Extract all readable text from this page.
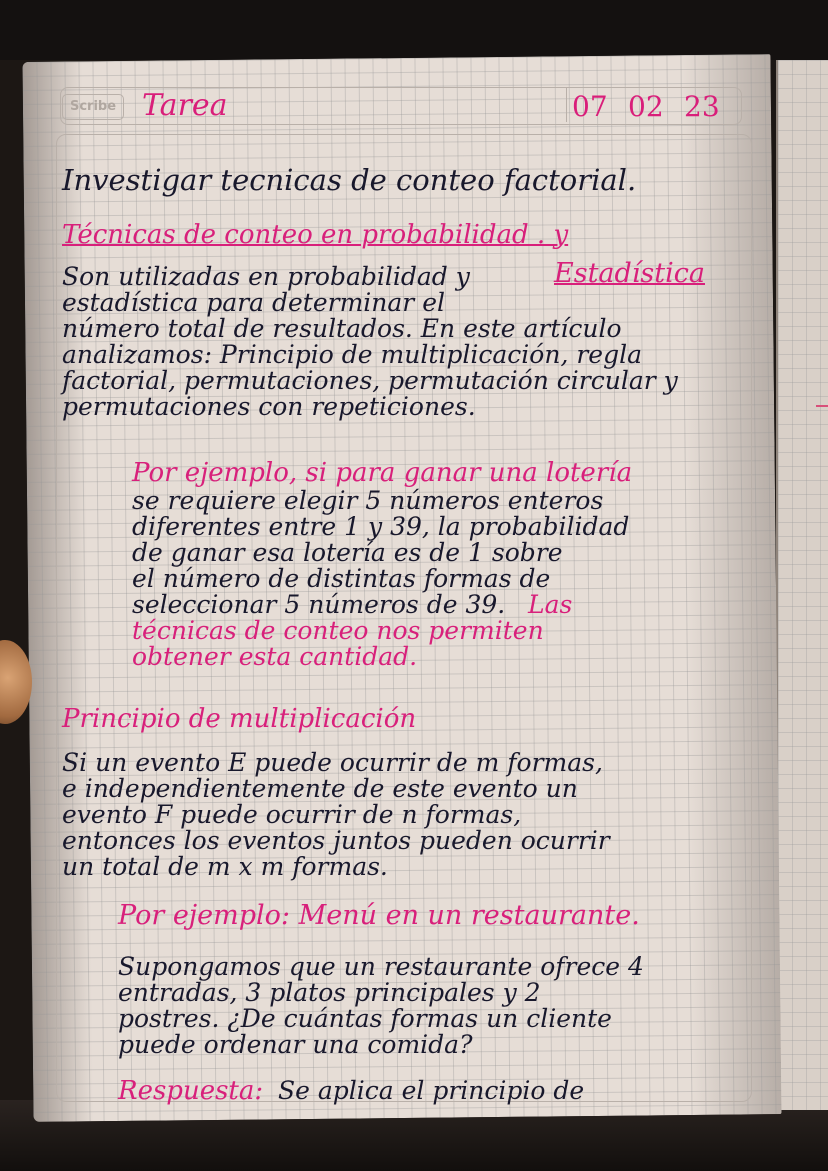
Scribe Tarea	07 02 23
Investigar tecnicas de conteo factorial.
Técnicas de conteo en probabilidad . y
Son utilizadas en probabilidad y	Estadística
estadística para determinar el
número total de resultados. En este artículo
analizamos: Principio de multiplicación, regla
factorial, permutaciones, permutación circular y
permutaciones con repeticiones.
Por ejemplo, si para ganar una lotería
se requiere elegir 5 números enteros
diferentes entre 1 y 39, la probabilidad
de ganar esa lotería es de 1 sobre
el número de distintas formas de
seleccionar 5 números de 39. Las
técnicas de conteo nos permiten
obtener esta cantidad.
Principio de multiplicación
Si un evento E puede ocurrir de m formas,
e independientemente de este evento un
evento F puede ocurrir de n formas,
entonces los eventos juntos pueden ocurrir
un total de m x m formas.
Por ejemplo: Menú en un restaurante.
Supongamos que un restaurante ofrece 4
entradas, 3 platos principales y 2
postres. ¿De cuántas formas un cliente
puede ordenar una comida?
Respuesta: Se aplica el principio de
